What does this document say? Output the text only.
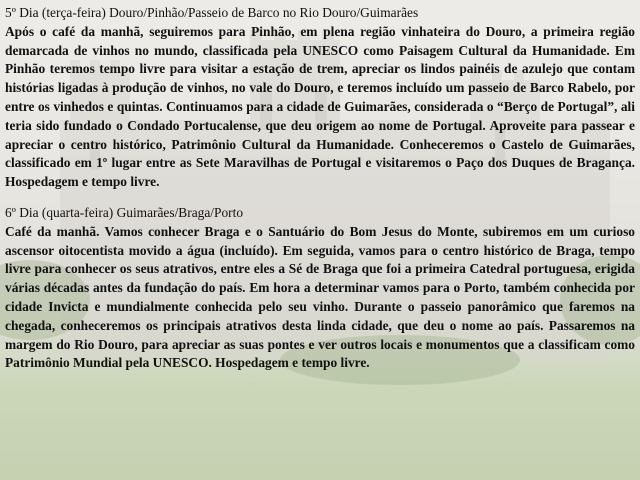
5º Dia (terça-feira) Douro/Pinhão/Passeio de Barco no Rio Douro/Guimarães

Após o café da manhã, seguiremos para Pinhão, em plena região vinhateira do Douro, a primeira região demarcada de vinhos no mundo, classificada pela UNESCO como Paisagem Cultural da Humanidade. Em Pinhão teremos tempo livre para visitar a estação de trem, apreciar os lindos painéis de azulejo que contam histórias ligadas à produção de vinhos, no vale do Douro, e teremos incluído um passeio de Barco Rabelo, por entre os vinhedos e quintas. Continuamos para a cidade de Guimarães, considerada o “Berço de Portugal”, ali teria sido fundado o Condado Portucalense, que deu origem ao nome de Portugal. Aproveite para passear e apreciar o centro histórico, Patrimônio Cultural da Humanidade. Conheceremos o Castelo de Guimarães, classificado em 1º lugar entre as Sete Maravilhas de Portugal e visitaremos o Paço dos Duques de Bragança. Hospedagem e tempo livre.

6º Dia (quarta-feira) Guimarães/Braga/Porto

Café da manhã. Vamos conhecer Braga e o Santuário do Bom Jesus do Monte, subiremos em um curioso ascensor oitocentista movido a água (incluído). Em seguida, vamos para o centro histórico de Braga, tempo livre para conhecer os seus atrativos, entre eles a Sé de Braga que foi a primeira Catedral portuguesa, erigida várias décadas antes da fundação do país. Em hora a determinar vamos para o Porto, também conhecida por cidade Invicta e mundialmente conhecida pelo seu vinho. Durante o passeio panorâmico que faremos na chegada, conheceremos os principais atrativos desta linda cidade, que deu o nome ao país. Passaremos na margem do Rio Douro, para apreciar as suas pontes e ver outros locais e monumentos que a classificam como Patrimônio Mundial pela UNESCO. Hospedagem e tempo livre.
